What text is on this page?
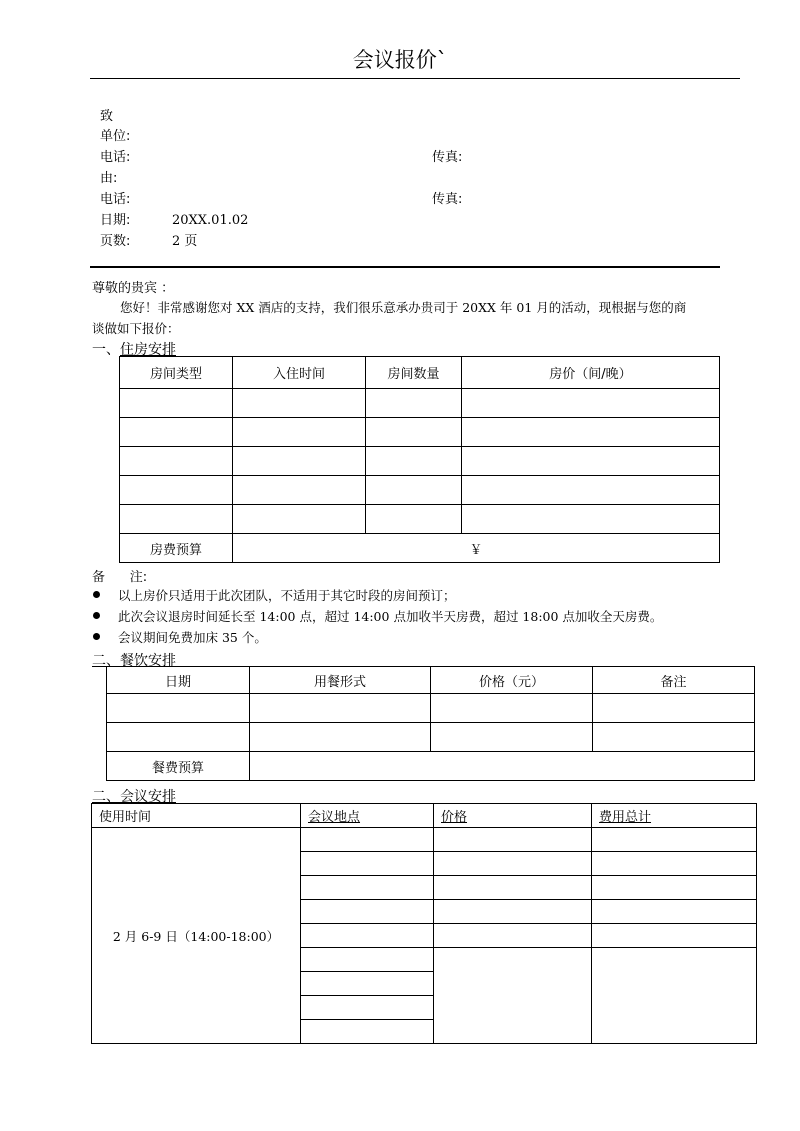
会议报价`
致
单位:
电话:	传真:
由:
电话:	传真:
日期:	20XX.01.02
页数:	2 页
尊敬的贵宾 ：
您好！非常感谢您对 XX 酒店的支持，我们很乐意承办贵司于 20XX 年 01 月的活动，现根据与您的商
谈做如下报价：
一、住房安排
房间类型	入住时间	房间数量	房价（间/晚）

房费预算	￥		
备      注:
以上房价只适用于此次团队，不适用于其它时段的房间预订；
此次会议退房时间延长至 14:00 点，超过 14:00 点加收半天房费，超过 18:00 点加收全天房费。
会议期间免费加床 35 个。
二、餐饮安排
日期	用餐形式	价格（元）	备注

餐费预算			
二、会议安排
使用时间	会议地点	价格	费用总计
2 月 6-9 日（14:00-18:00）			
